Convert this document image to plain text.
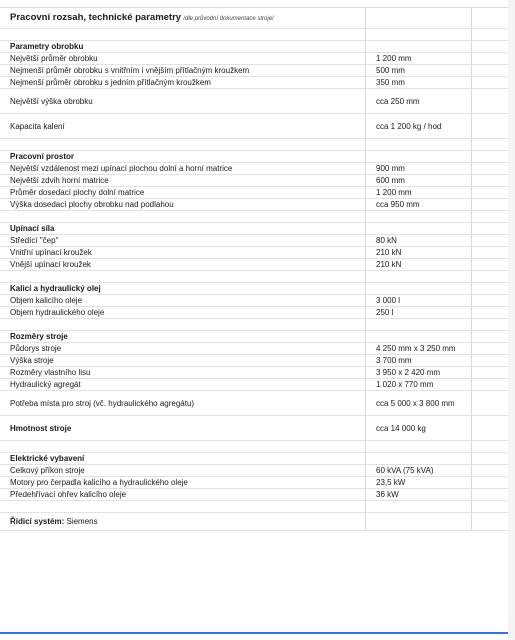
Pracovní rozsah, technické parametry /dle průvodní dokumentace stroje/		

Parametry obrobku		
Největší průměr obrobku	1 200 mm	
Nejmenší průměr obrobku s vnitřním i vnějším přítlačným kroužkem	500 mm	
Nejmenší průměr obrobku s jedním přítlačným kroužkem	350 mm	
Největší výška obrobku	cca 250 mm	
Kapacita kalení	cca 1 200 kg / hod	

Pracovní prostor		
Největší vzdálenost mezi upínací plochou dolní a horní matrice	900 mm	
Největší zdvih horní matrice	600 mm	
Průměr dosedací plochy dolní matrice	1 200 mm	
Výška dosedací plochy obrobku nad podlahou	cca 950 mm	

Upínací síla		
Středící "čep"	80 kN	
Vnitřní upínací kroužek	210 kN	
Vnější upínací kroužek	210 kN	

Kalicí a hydraulický olej		
Objem kalicího oleje	3 000 l	
Objem hydraulického oleje	250 l	

Rozměry stroje		
Půdorys stroje	4 250 mm x 3 250 mm	
Výška stroje	3 700 mm	
Rozměry vlastního lisu	3 950 x 2 420 mm	
Hydraulický agregát	1 020 x 770 mm	
Potřeba místa pro stroj (vč. hydraulického agregátu)	cca 5 000 x 3 800 mm	
Hmotnost stroje	cca 14 000 kg	

Elektrické vybavení		
Celkový příkon stroje	60 kVA (75 kVA)	
Motory pro čerpadla kalicího a hydraulického oleje	23,5 kW	
Předehřívací ohřev kalicího oleje	36 kW	

Řídicí systém: Siemens		
